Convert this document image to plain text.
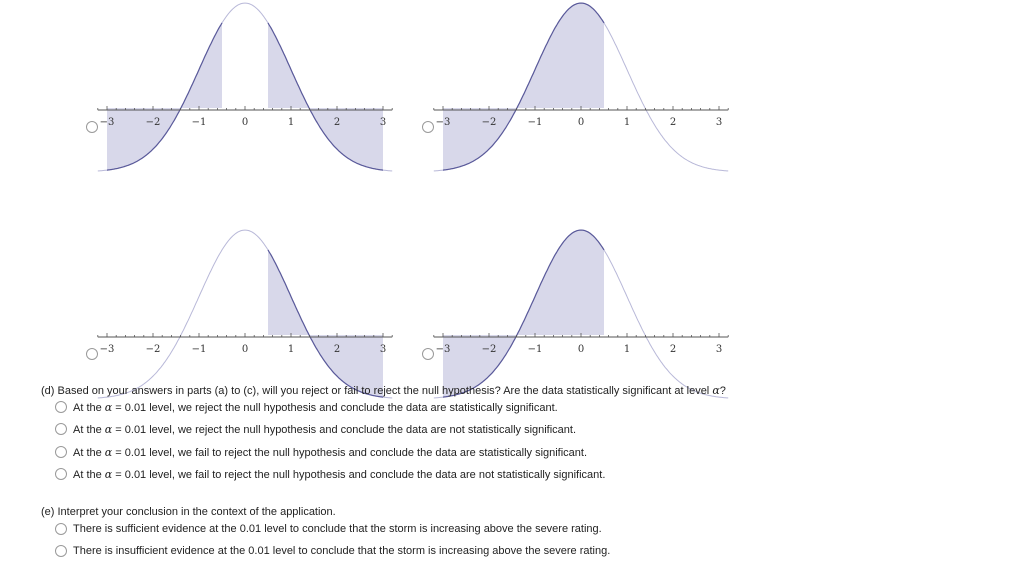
−3	−2	−1	0	1	2	3	−3	−2	−1	0	1	2	3
−3	−2	−1	0	1	2	3	−3	−2	−1	0	1	2	3
(d) Based on your answers in parts (a) to (c), will you reject or fail to reject the null hypothesis? Are the data statistically significant at level α?
At the α = 0.01 level, we reject the null hypothesis and conclude the data are statistically significant.
At the α = 0.01 level, we reject the null hypothesis and conclude the data are not statistically significant.
At the α = 0.01 level, we fail to reject the null hypothesis and conclude the data are statistically significant.
At the α = 0.01 level, we fail to reject the null hypothesis and conclude the data are not statistically significant.
(e) Interpret your conclusion in the context of the application.
There is sufficient evidence at the 0.01 level to conclude that the storm is increasing above the severe rating.
There is insufficient evidence at the 0.01 level to conclude that the storm is increasing above the severe rating.
